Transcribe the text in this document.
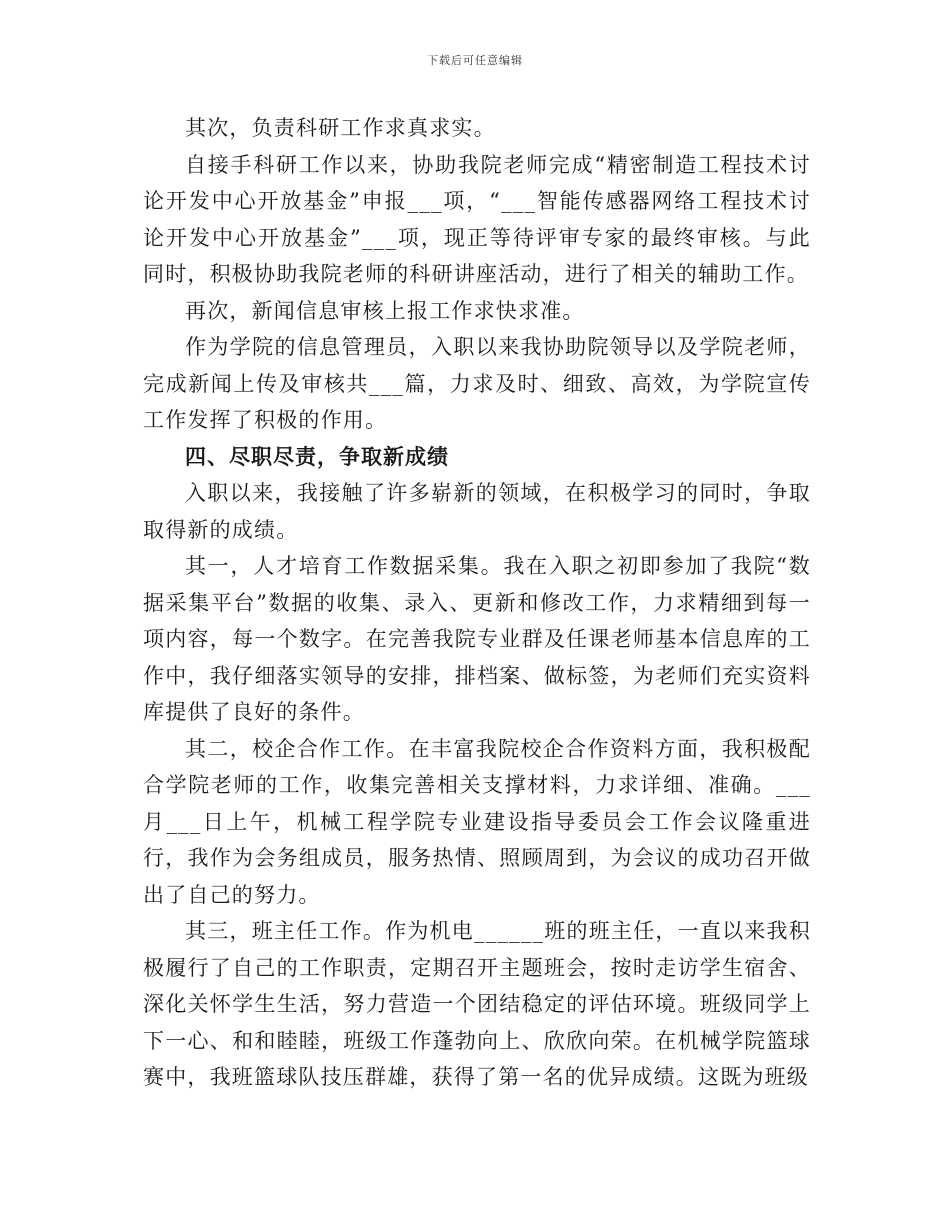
下载后可任意编辑

其次，负责科研工作求真求实。

自接手科研工作以来，协助我院老师完成“精密制造工程技术讨论开发中心开放基金”申报___项，“___智能传感器网络工程技术讨论开发中心开放基金”___项，现正等待评审专家的最终审核。与此同时，积极协助我院老师的科研讲座活动，进行了相关的辅助工作。

再次，新闻信息审核上报工作求快求准。

作为学院的信息管理员，入职以来我协助院领导以及学院老师，完成新闻上传及审核共___篇，力求及时、细致、高效，为学院宣传工作发挥了积极的作用。

四、尽职尽责，争取新成绩

入职以来，我接触了许多崭新的领域，在积极学习的同时，争取取得新的成绩。

其一，人才培育工作数据采集。我在入职之初即参加了我院“数据采集平台”数据的收集、录入、更新和修改工作，力求精细到每一项内容，每一个数字。在完善我院专业群及任课老师基本信息库的工作中，我仔细落实领导的安排，排档案、做标签，为老师们充实资料库提供了良好的条件。

其二，校企合作工作。在丰富我院校企合作资料方面，我积极配合学院老师的工作，收集完善相关支撑材料，力求详细、准确。___月___日上午，机械工程学院专业建设指导委员会工作会议隆重进行，我作为会务组成员，服务热情、照顾周到，为会议的成功召开做出了自己的努力。

其三，班主任工作。作为机电______班的班主任，一直以来我积极履行了自己的工作职责，定期召开主题班会，按时走访学生宿舍、深化关怀学生生活，努力营造一个团结稳定的评估环境。班级同学上下一心、和和睦睦，班级工作蓬勃向上、欣欣向荣。在机械学院篮球赛中，我班篮球队技压群雄，获得了第一名的优异成绩。这既为班级
